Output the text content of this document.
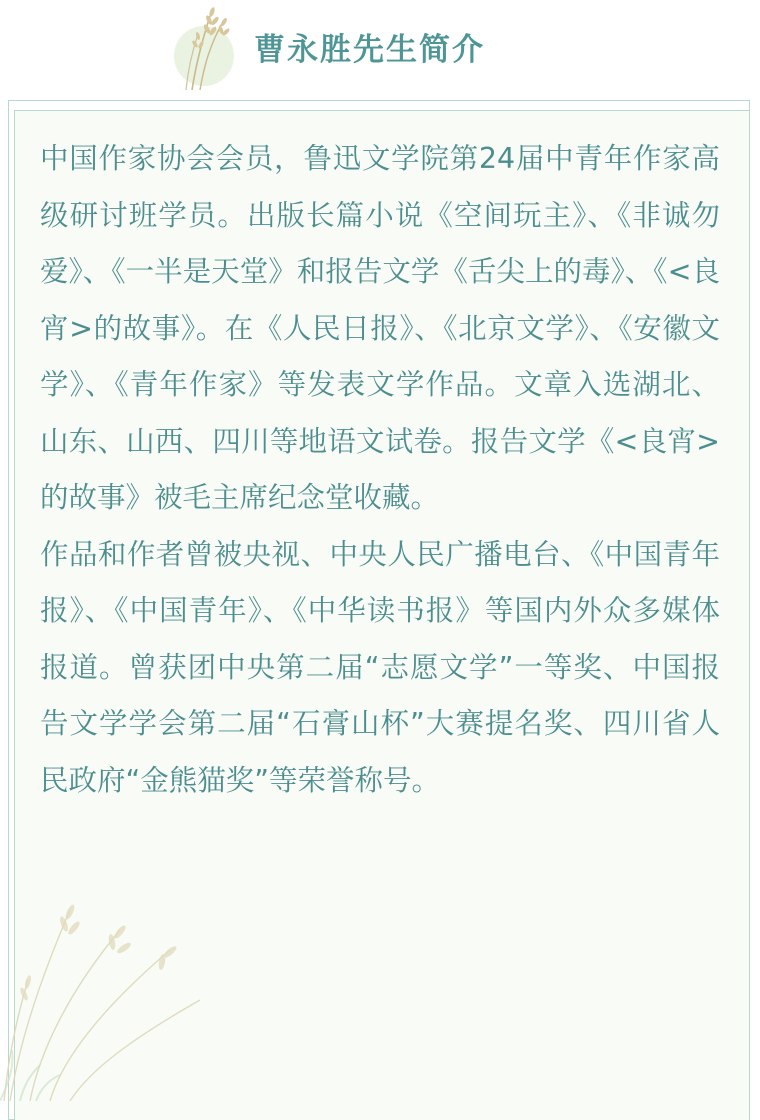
曹永胜先生简介

中国作家协会会员，鲁迅文学院第24届中青年作家高级研讨班学员。出版长篇小说《空间玩主》、《非诚勿爱》、《一半是天堂》和报告文学《舌尖上的毒》、《<良宵>的故事》。在《人民日报》、《北京文学》、《安徽文学》、《青年作家》等发表文学作品。文章入选湖北、山东、山西、四川等地语文试卷。报告文学《<良宵>的故事》被毛主席纪念堂收藏。

作品和作者曾被央视、中央人民广播电台、《中国青年报》、《中国青年》、《中华读书报》等国内外众多媒体报道。曾获团中央第二届“志愿文学”一等奖、中国报告文学学会第二届“石膏山杯”大赛提名奖、四川省人民政府“金熊猫奖”等荣誉称号。
